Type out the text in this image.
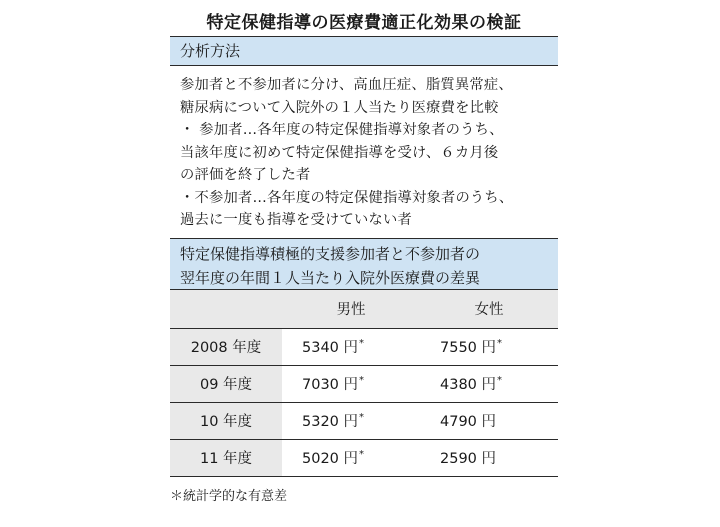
特定保健指導の医療費適正化効果の検証
分析方法

参加者と不参加者に分け、高血圧症、脂質異常症、

糖尿病について入院外の１人当たり医療費を比較

・ 参加者…各年度の特定保健指導対象者のうち、

当該年度に初めて特定保健指導を受け、６カ月後

の評価を終了した者

・不参加者…各年度の特定保健指導対象者のうち、

過去に一度も指導を受けていない者

特定保健指導積極的支援参加者と不参加者の
翌年度の年間１人当たり入院外医療費の差異
	男性	女性
2008 年度	5340 円*	7550 円*
09 年度	7030 円*	4380 円*
10 年度	5320 円*	4790 円
11 年度	5020 円*	2590 円
＊統計学的な有意差
